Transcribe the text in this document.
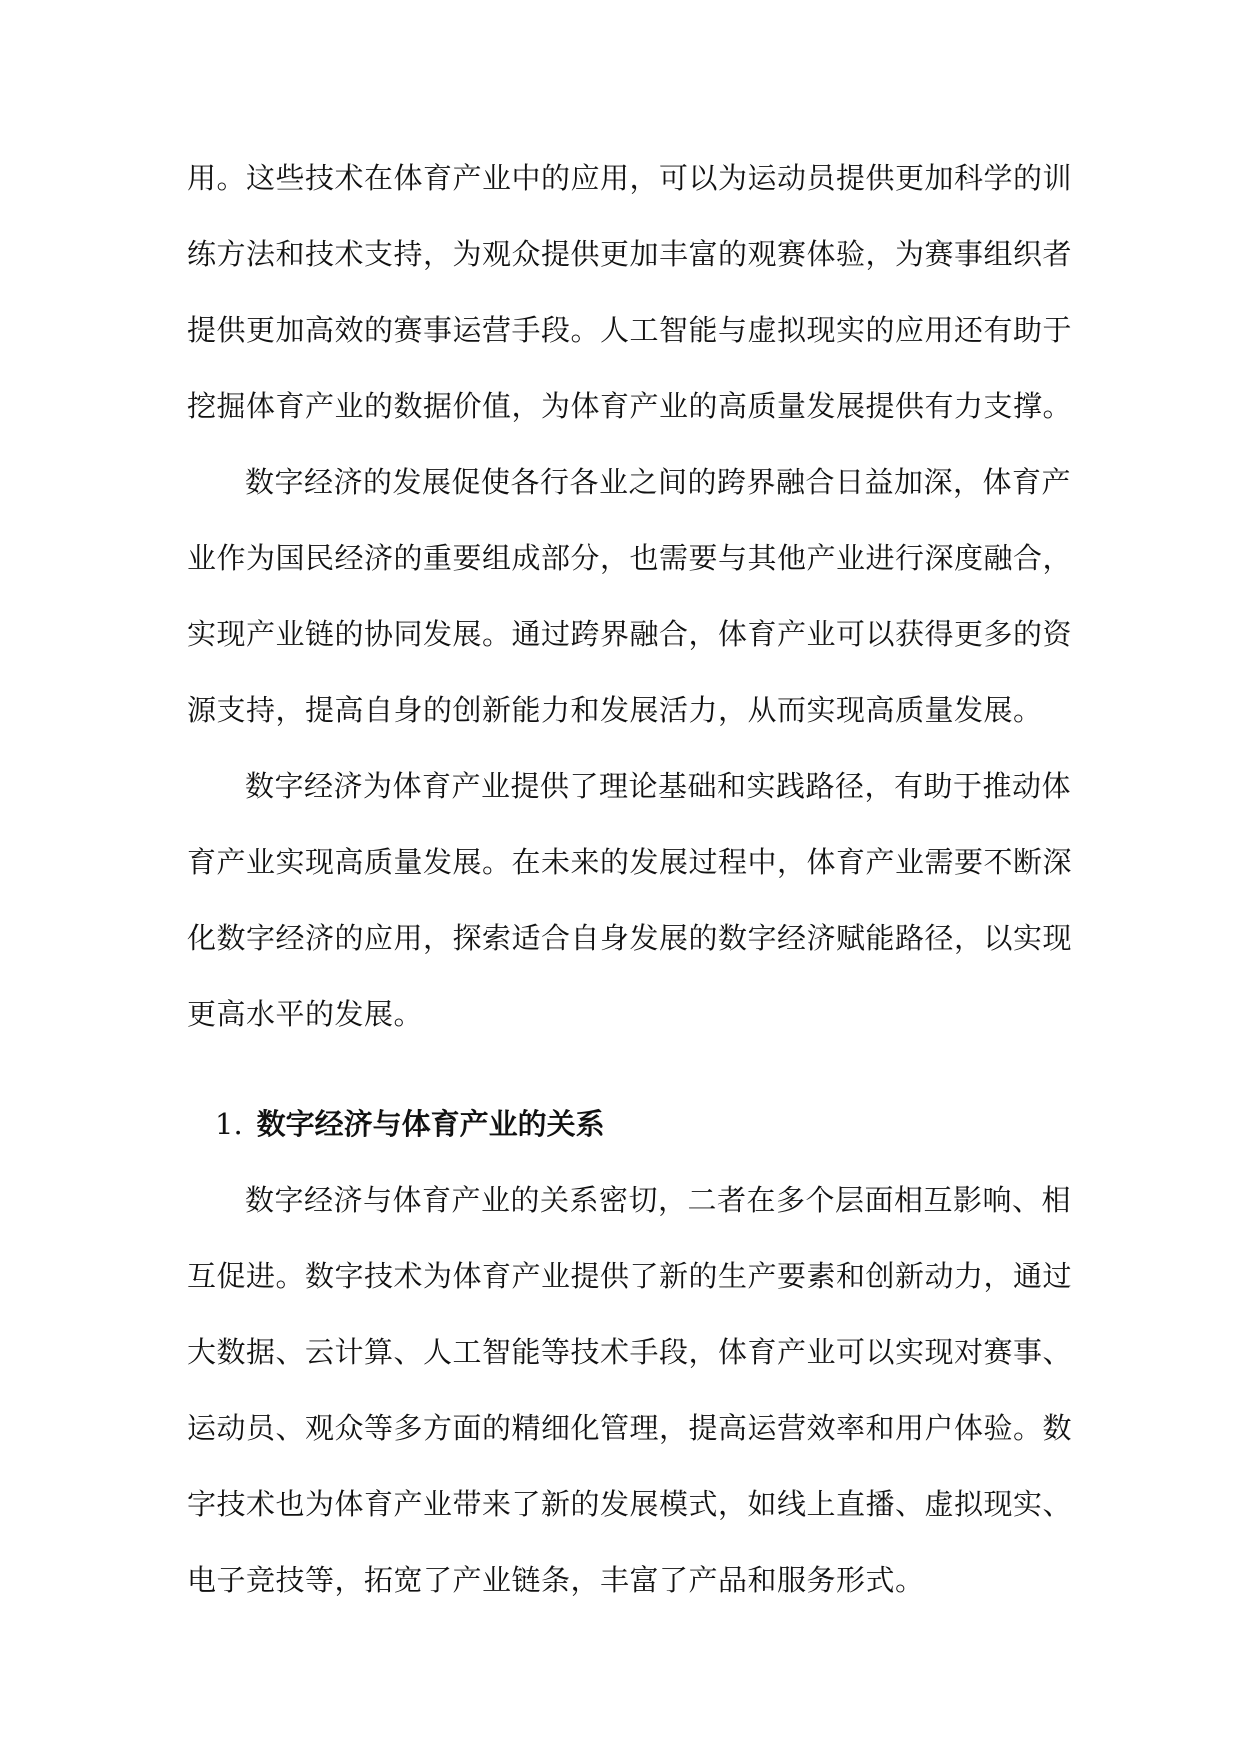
用。这些技术在体育产业中的应用，可以为运动员提供更加科学的训
练方法和技术支持，为观众提供更加丰富的观赛体验，为赛事组织者
提供更加高效的赛事运营手段。人工智能与虚拟现实的应用还有助于
挖掘体育产业的数据价值，为体育产业的高质量发展提供有力支撑。
数字经济的发展促使各行各业之间的跨界融合日益加深，体育产
业作为国民经济的重要组成部分，也需要与其他产业进行深度融合，
实现产业链的协同发展。通过跨界融合，体育产业可以获得更多的资
源支持，提高自身的创新能力和发展活力，从而实现高质量发展。
数字经济为体育产业提供了理论基础和实践路径，有助于推动体
育产业实现高质量发展。在未来的发展过程中，体育产业需要不断深
化数字经济的应用，探索适合自身发展的数字经济赋能路径，以实现
更高水平的发展。
1. 数字经济与体育产业的关系
数字经济与体育产业的关系密切，二者在多个层面相互影响、相
互促进。数字技术为体育产业提供了新的生产要素和创新动力，通过
大数据、云计算、人工智能等技术手段，体育产业可以实现对赛事、
运动员、观众等多方面的精细化管理，提高运营效率和用户体验。数
字技术也为体育产业带来了新的发展模式，如线上直播、虚拟现实、
电子竞技等，拓宽了产业链条，丰富了产品和服务形式。
